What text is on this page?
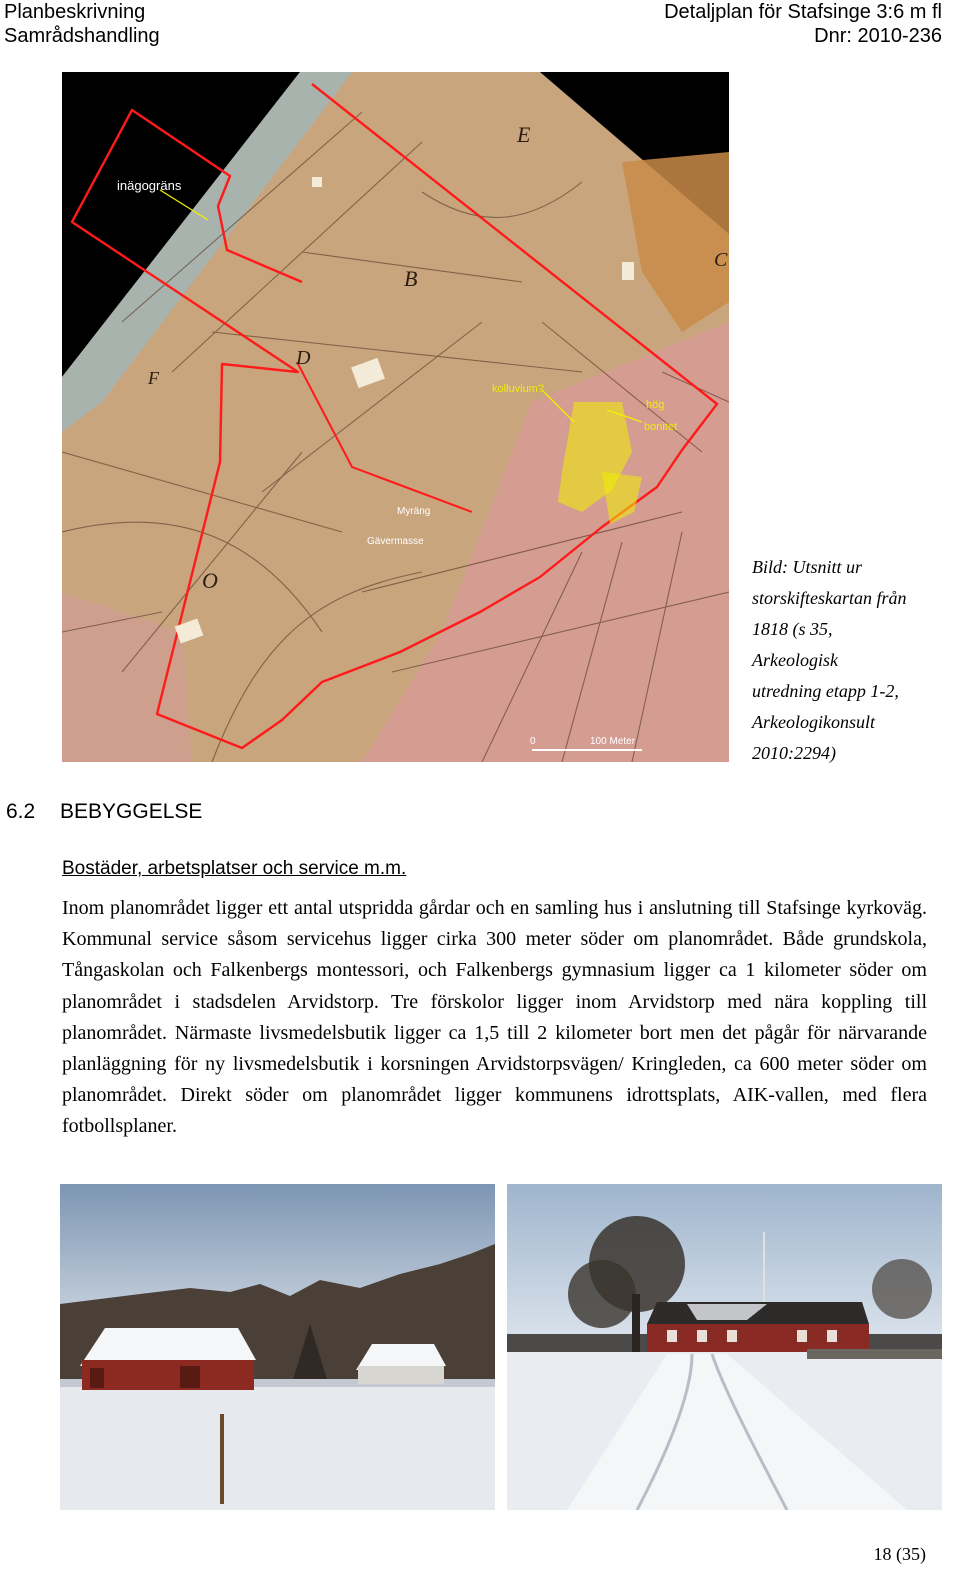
Planbeskrivning
Samrådshandling
Detaljplan för Stafsinge 3:6 m fl
Dnr: 2010-236
inägogräns
kolluvium?
hög bonitet
Myräng
Gävermasse
0	100 Meter
E
B
D
C
F
O
Bild: Utsnitt ur
storskifteskartan från
1818 (s 35,
Arkeologisk
utredning etapp 1-2,
Arkeologikonsult
2010:2294)
6.2 BEBYGGELSE
Bostäder, arbetsplatser och service m.m.
Inom planområdet ligger ett antal utspridda gårdar och en samling hus i anslutning till Stafsinge kyrkoväg. Kommunal service såsom servicehus ligger cirka 300 meter söder om planområdet. Både grundskola, Tångaskolan och Falkenbergs montessori, och Falkenbergs gymnasium ligger ca 1 kilometer söder om planområdet i stadsdelen Arvidstorp. Tre förskolor ligger inom Arvidstorp med nära koppling till planområdet. Närmaste livsmedelsbutik ligger ca 1,5 till 2 kilometer bort men det pågår för närvarande planläggning för ny livsmedelsbutik i korsningen Arvidstorpsvägen/ Kringleden, ca 600 meter söder om planområdet. Direkt söder om planområdet ligger kommunens idrottsplats, AIK-vallen, med flera fotbollsplaner.
18 (35)
